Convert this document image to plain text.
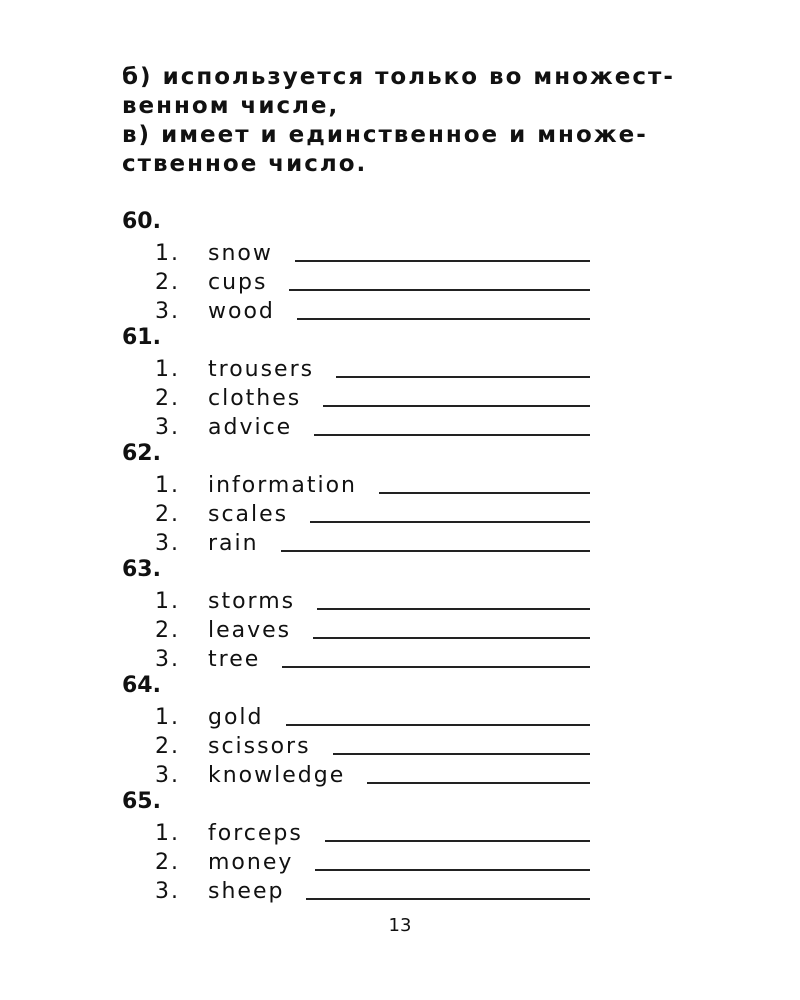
б) используется только во множест-

венном числе,

в) имеет и единственное и множе-

ственное число.

60.
1. snow
2. cups
3. wood
61.
1. trousers
2. clothes
3. advice
62.
1. information
2. scales
3. rain
63.
1. storms
2. leaves
3. tree
64.
1. gold
2. scissors
3. knowledge
65.
1. forceps
2. money
3. sheep
13
